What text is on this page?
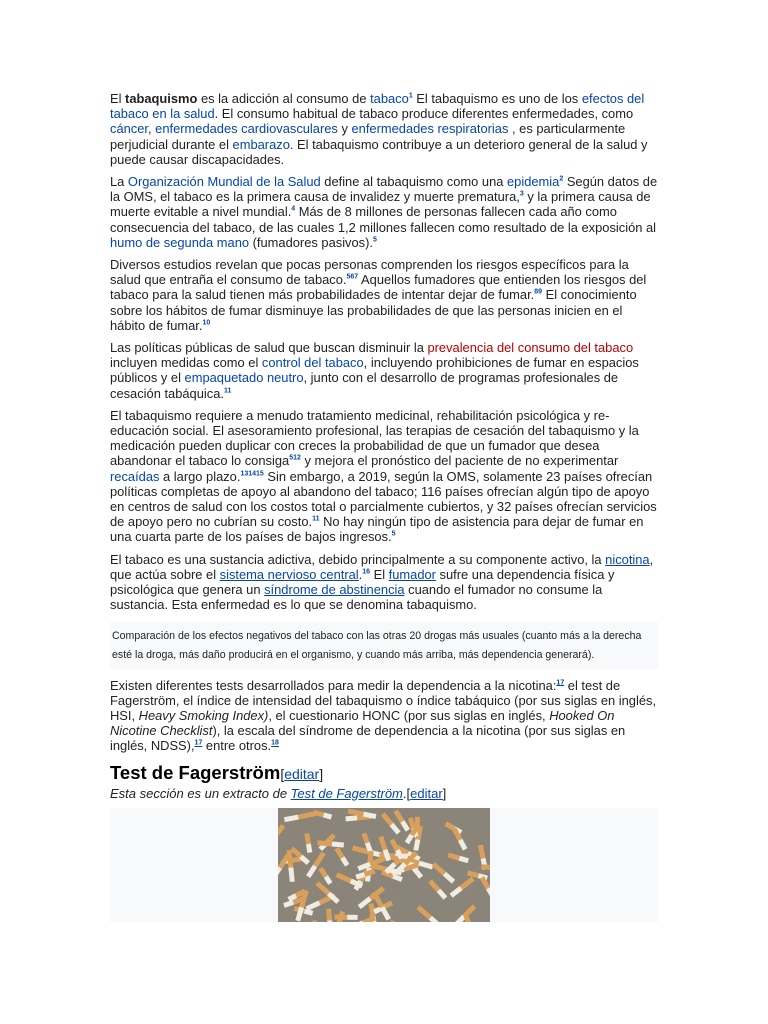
El tabaquismo es la adicción al consumo de tabaco$^1$ El tabaquismo es uno de los efectos del tabaco en la salud. El consumo habitual de tabaco produce diferentes enfermedades, como cáncer, enfermedades cardiovasculares y enfermedades respiratorias , es particularmente perjudicial durante el embarazo. El tabaquismo contribuye a un deterioro general de la salud y puede causar discapacidades.

La Organización Mundial de la Salud define al tabaquismo como una epidemia$^2$ Según datos de la OMS, el tabaco es la primera causa de invalidez y muerte prematura,$^3$ y la primera causa de muerte evitable a nivel mundial.$^4$ Más de 8 millones de personas fallecen cada año como consecuencia del tabaco, de las cuales 1,2 millones fallecen como resultado de la exposición al humo de segunda mano (fumadores pasivos).$^5$

Diversos estudios revelan que pocas personas comprenden los riesgos específicos para la salud que entraña el consumo de tabaco.$^{567}$ Aquellos fumadores que entienden los riesgos del tabaco para la salud tienen más probabilidades de intentar dejar de fumar.$^{89}$ El conocimiento sobre los hábitos de fumar disminuye las probabilidades de que las personas inicien en el hábito de fumar.$^{10}$

Las políticas públicas de salud que buscan disminuir la prevalencia del consumo del tabaco incluyen medidas como el control del tabaco, incluyendo prohibiciones de fumar en espacios públicos y el empaquetado neutro, junto con el desarrollo de programas profesionales de cesación tabáquica.$^{11}$

El tabaquismo requiere a menudo tratamiento medicinal, rehabilitación psicológica y re-educación social. El asesoramiento profesional, las terapias de cesación del tabaquismo y la medicación pueden duplicar con creces la probabilidad de que un fumador que desea abandonar el tabaco lo consiga$^{512}$ y mejora el pronóstico del paciente de no experimentar recaídas a largo plazo.$^{131415}$ Sin embargo, a 2019, según la OMS, solamente 23 países ofrecían políticas completas de apoyo al abandono del tabaco; 116 países ofrecían algún tipo de apoyo en centros de salud con los costos total o parcialmente cubiertos, y 32 países ofrecían servicios de apoyo pero no cubrían su costo.$^{11}$ No hay ningún tipo de asistencia para dejar de fumar en una cuarta parte de los países de bajos ingresos.$^5$

El tabaco es una sustancia adictiva, debido principalmente a su componente activo, la nicotina, que actúa sobre el sistema nervioso central.$^{16}$ El fumador sufre una dependencia física y psicológica que genera un síndrome de abstinencia cuando el fumador no consume la sustancia. Esta enfermedad es lo que se denomina tabaquismo.

Comparación de los efectos negativos del tabaco con las otras 20 drogas más usuales (cuanto más a la derecha esté la droga, más daño producirá en el organismo, y cuando más arriba, más dependencia generará).

Existen diferentes tests desarrollados para medir la dependencia a la nicotina:$^{17}$ el test de Fagerström, el índice de intensidad del tabaquismo o índice tabáquico (por sus siglas en inglés, HSI, Heavy Smoking Index), el cuestionario HONC (por sus siglas en inglés, Hooked On Nicotine Checklist), la escala del síndrome de dependencia a la nicotina (por sus siglas en inglés, NDSS),$^{17}$ entre otros.$^{18}$

Test de Fagerström[editar]
Esta sección es un extracto de Test de Fagerström.[editar]
